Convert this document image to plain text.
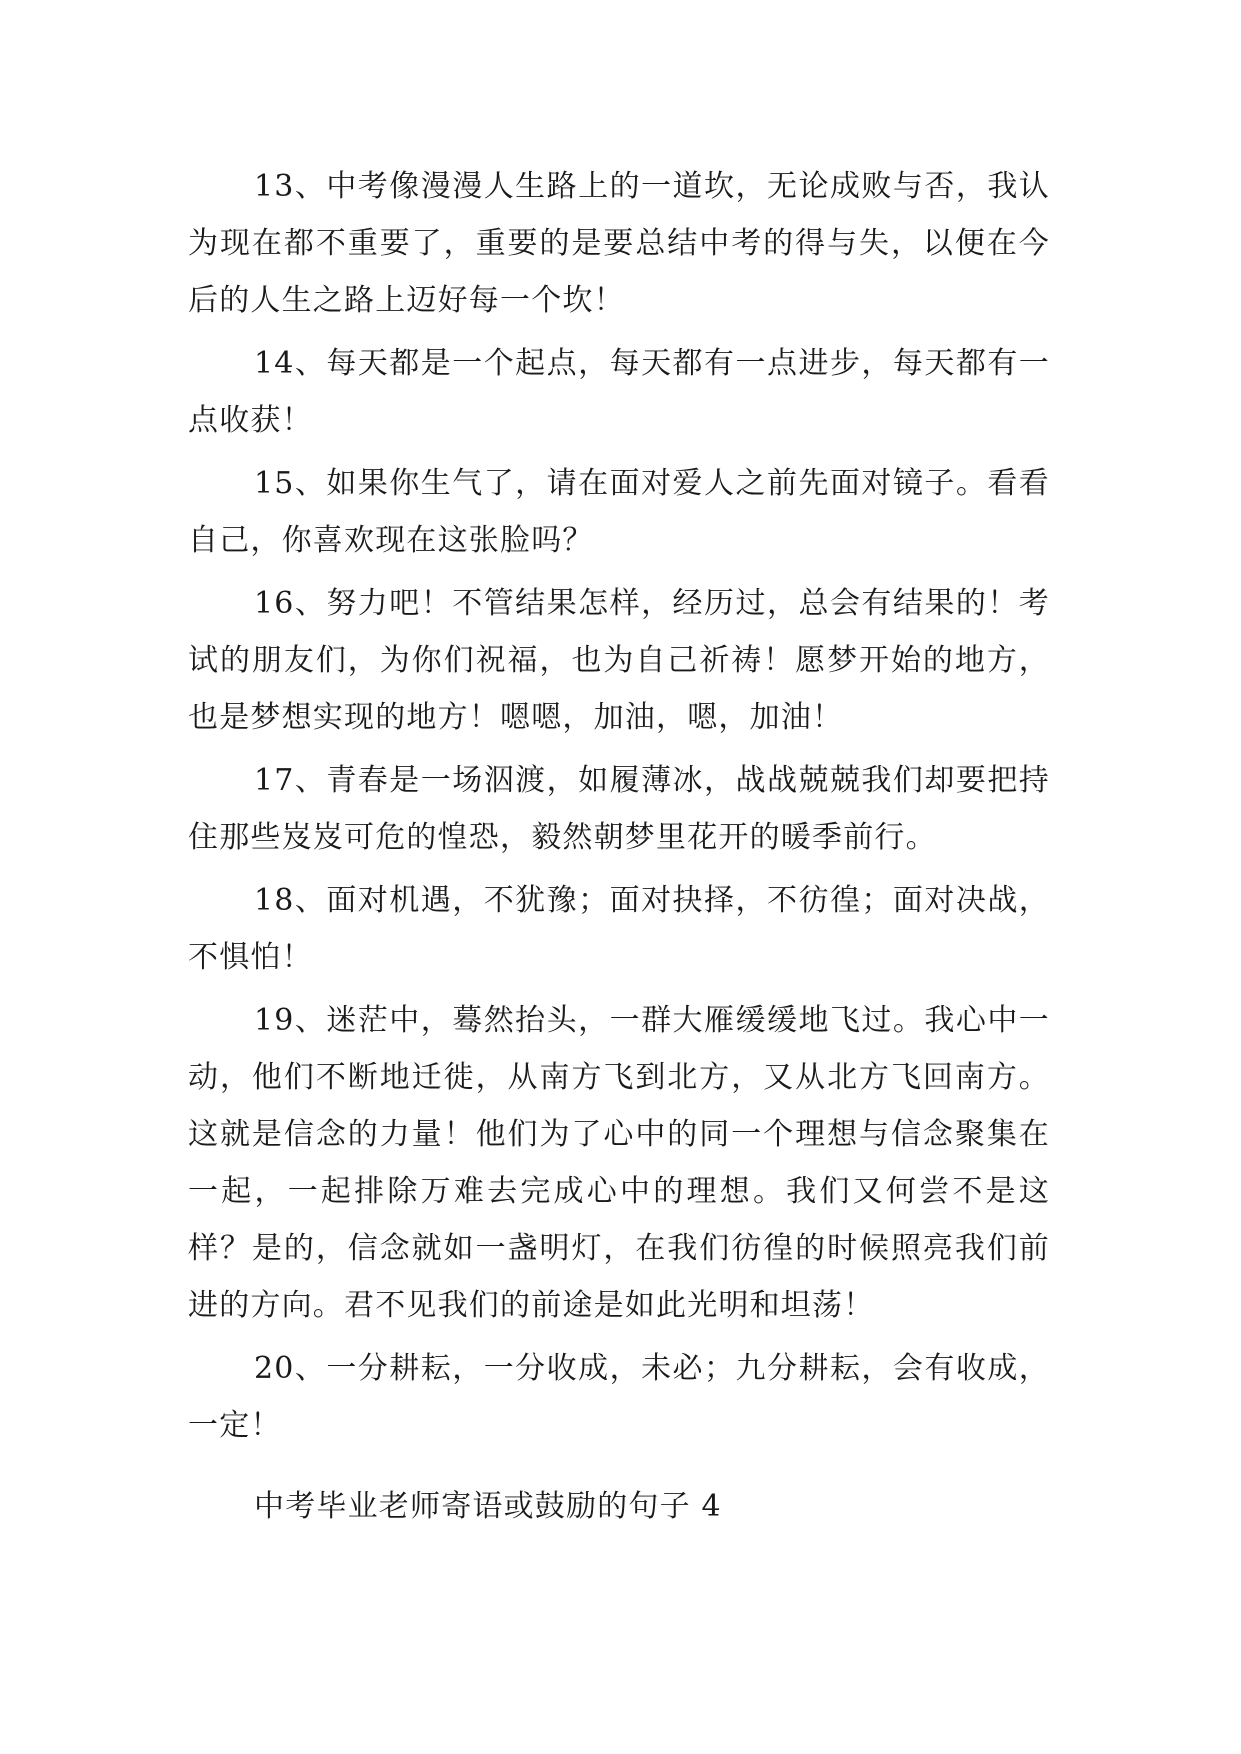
13、中考像漫漫人生路上的一道坎，无论成败与否，我认为现在都不重要了，重要的是要总结中考的得与失，以便在今后的人生之路上迈好每一个坎！

14、每天都是一个起点，每天都有一点进步，每天都有一点收获！

15、如果你生气了，请在面对爱人之前先面对镜子。看看自己，你喜欢现在这张脸吗？

16、努力吧！不管结果怎样，经历过，总会有结果的！考试的朋友们，为你们祝福，也为自己祈祷！愿梦开始的地方，也是梦想实现的地方！嗯嗯，加油，嗯，加油！

17、青春是一场泅渡，如履薄冰，战战兢兢我们却要把持住那些岌岌可危的惶恐，毅然朝梦里花开的暖季前行。

18、面对机遇，不犹豫；面对抉择，不彷徨；面对决战，不惧怕！

19、迷茫中，蓦然抬头，一群大雁缓缓地飞过。我心中一动，他们不断地迁徙，从南方飞到北方，又从北方飞回南方。这就是信念的力量！他们为了心中的同一个理想与信念聚集在一起，一起排除万难去完成心中的理想。我们又何尝不是这样？是的，信念就如一盏明灯，在我们彷徨的时候照亮我们前进的方向。君不见我们的前途是如此光明和坦荡！

20、一分耕耘，一分收成，未必；九分耕耘，会有收成，一定！

中考毕业老师寄语或鼓励的句子 4
